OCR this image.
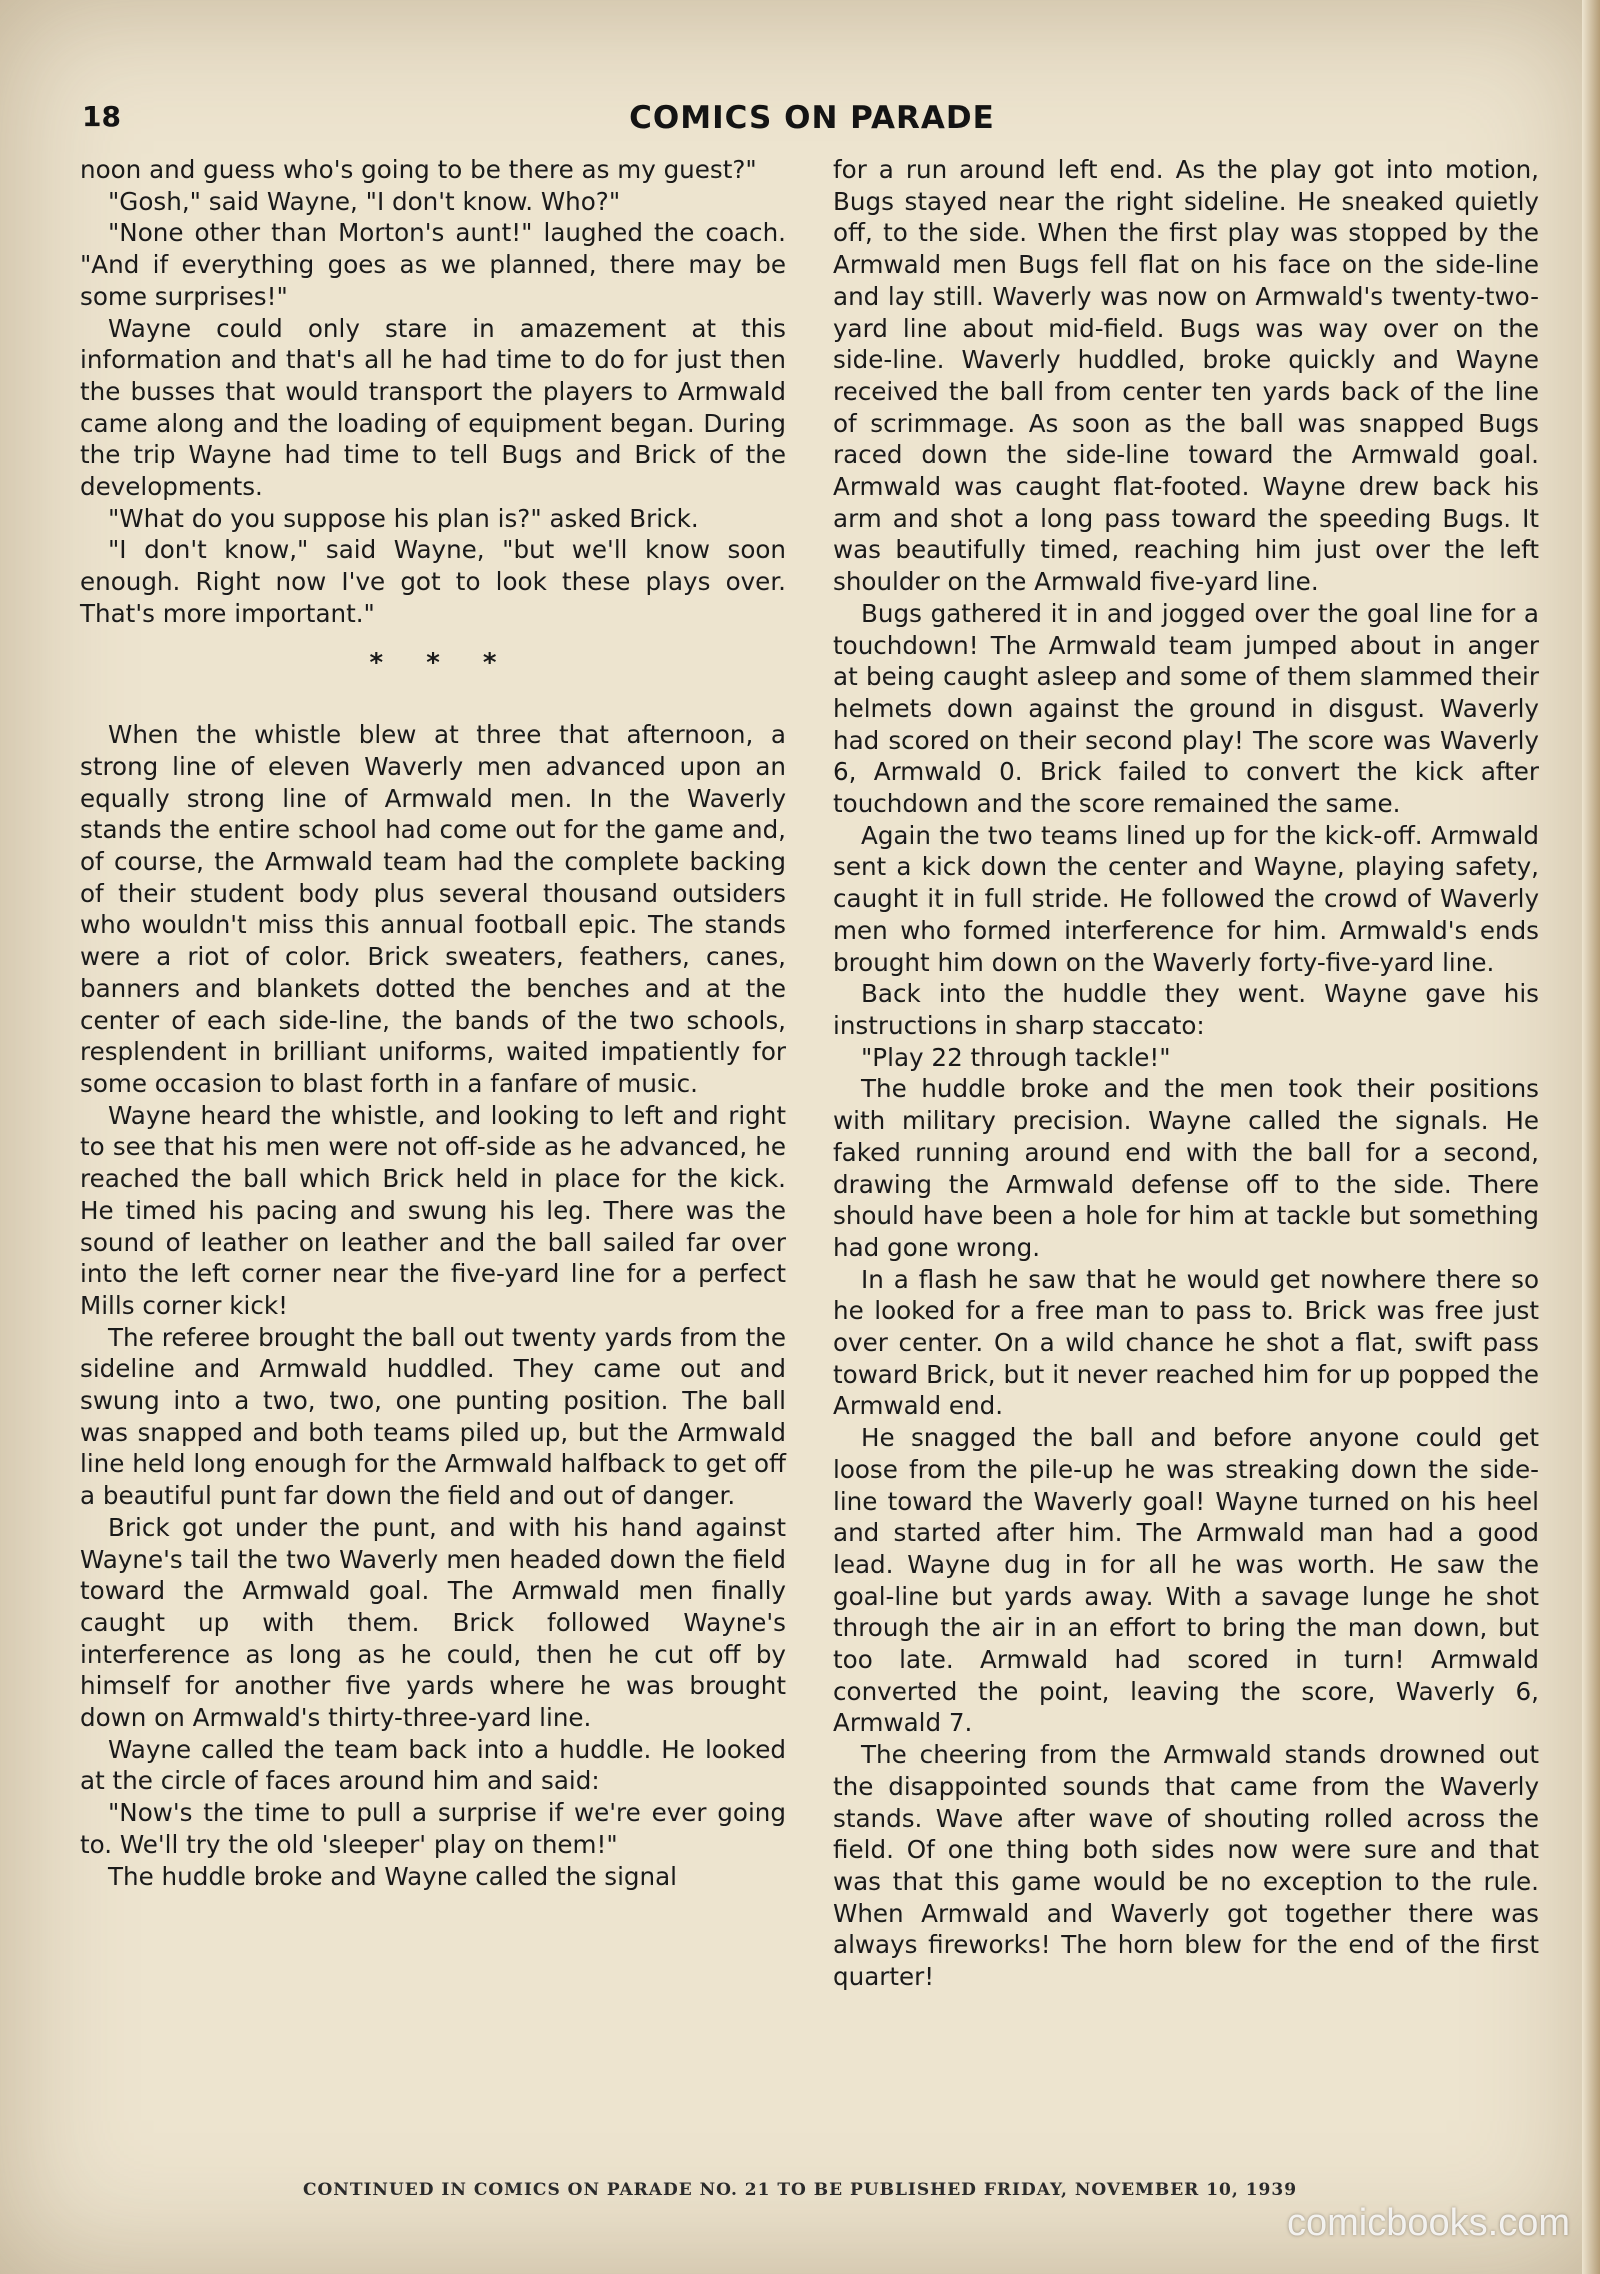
18	COMICS ON PARADE

noon and guess who's going to be there as my guest?"

"Gosh," said Wayne, "I don't know. Who?"

"None other than Morton's aunt!" laughed the coach. "And if everything goes as we planned, there may be some surprises!"

Wayne could only stare in amazement at this information and that's all he had time to do for just then the busses that would transport the players to Armwald came along and the loading of equipment began. During the trip Wayne had time to tell Bugs and Brick of the developments.

"What do you suppose his plan is?" asked Brick.

"I don't know," said Wayne, "but we'll know soon enough. Right now I've got to look these plays over. That's more important."

* * *

When the whistle blew at three that afternoon, a strong line of eleven Waverly men advanced upon an equally strong line of Armwald men. In the Waverly stands the entire school had come out for the game and, of course, the Armwald team had the complete backing of their student body plus several thousand outsiders who wouldn't miss this annual football epic. The stands were a riot of color. Brick sweaters, feathers, canes, banners and blankets dotted the benches and at the center of each side-line, the bands of the two schools, resplendent in brilliant uniforms, waited impatiently for some occasion to blast forth in a fanfare of music.

Wayne heard the whistle, and looking to left and right to see that his men were not off-side as he advanced, he reached the ball which Brick held in place for the kick. He timed his pacing and swung his leg. There was the sound of leather on leather and the ball sailed far over into the left corner near the five-yard line for a perfect Mills corner kick!

The referee brought the ball out twenty yards from the sideline and Armwald huddled. They came out and swung into a two, two, one punting position. The ball was snapped and both teams piled up, but the Armwald line held long enough for the Armwald halfback to get off a beautiful punt far down the field and out of danger.

Brick got under the punt, and with his hand against Wayne's tail the two Waverly men headed down the field toward the Armwald goal. The Armwald men finally caught up with them. Brick followed Wayne's interference as long as he could, then he cut off by himself for another five yards where he was brought down on Armwald's thirty-three-yard line.

Wayne called the team back into a huddle. He looked at the circle of faces around him and said:

"Now's the time to pull a surprise if we're ever going to. We'll try the old 'sleeper' play on them!"

The huddle broke and Wayne called the signal

for a run around left end. As the play got into motion, Bugs stayed near the right sideline. He sneaked quietly off, to the side. When the first play was stopped by the Armwald men Bugs fell flat on his face on the side-line and lay still. Waverly was now on Armwald's twenty-two-yard line about mid-field. Bugs was way over on the side-line. Waverly huddled, broke quickly and Wayne received the ball from center ten yards back of the line of scrimmage. As soon as the ball was snapped Bugs raced down the side-line toward the Armwald goal. Armwald was caught flat-footed. Wayne drew back his arm and shot a long pass toward the speeding Bugs. It was beautifully timed, reaching him just over the left shoulder on the Armwald five-yard line.

Bugs gathered it in and jogged over the goal line for a touchdown! The Armwald team jumped about in anger at being caught asleep and some of them slammed their helmets down against the ground in disgust. Waverly had scored on their second play! The score was Waverly 6, Armwald 0. Brick failed to convert the kick after touchdown and the score remained the same.

Again the two teams lined up for the kick-off. Armwald sent a kick down the center and Wayne, playing safety, caught it in full stride. He followed the crowd of Waverly men who formed interference for him. Armwald's ends brought him down on the Waverly forty-five-yard line.

Back into the huddle they went. Wayne gave his instructions in sharp staccato:

"Play 22 through tackle!"

The huddle broke and the men took their positions with military precision. Wayne called the signals. He faked running around end with the ball for a second, drawing the Armwald defense off to the side. There should have been a hole for him at tackle but something had gone wrong.

In a flash he saw that he would get nowhere there so he looked for a free man to pass to. Brick was free just over center. On a wild chance he shot a flat, swift pass toward Brick, but it never reached him for up popped the Armwald end.

He snagged the ball and before anyone could get loose from the pile-up he was streaking down the side-line toward the Waverly goal! Wayne turned on his heel and started after him. The Armwald man had a good lead. Wayne dug in for all he was worth. He saw the goal-line but yards away. With a savage lunge he shot through the air in an effort to bring the man down, but too late. Armwald had scored in turn! Armwald converted the point, leaving the score, Waverly 6, Armwald 7.

The cheering from the Armwald stands drowned out the disappointed sounds that came from the Waverly stands. Wave after wave of shouting rolled across the field. Of one thing both sides now were sure and that was that this game would be no exception to the rule. When Armwald and Waverly got together there was always fireworks! The horn blew for the end of the first quarter!

CONTINUED IN COMICS ON PARADE NO. 21 TO BE PUBLISHED FRIDAY, NOVEMBER 10, 1939
comicbooks.com
